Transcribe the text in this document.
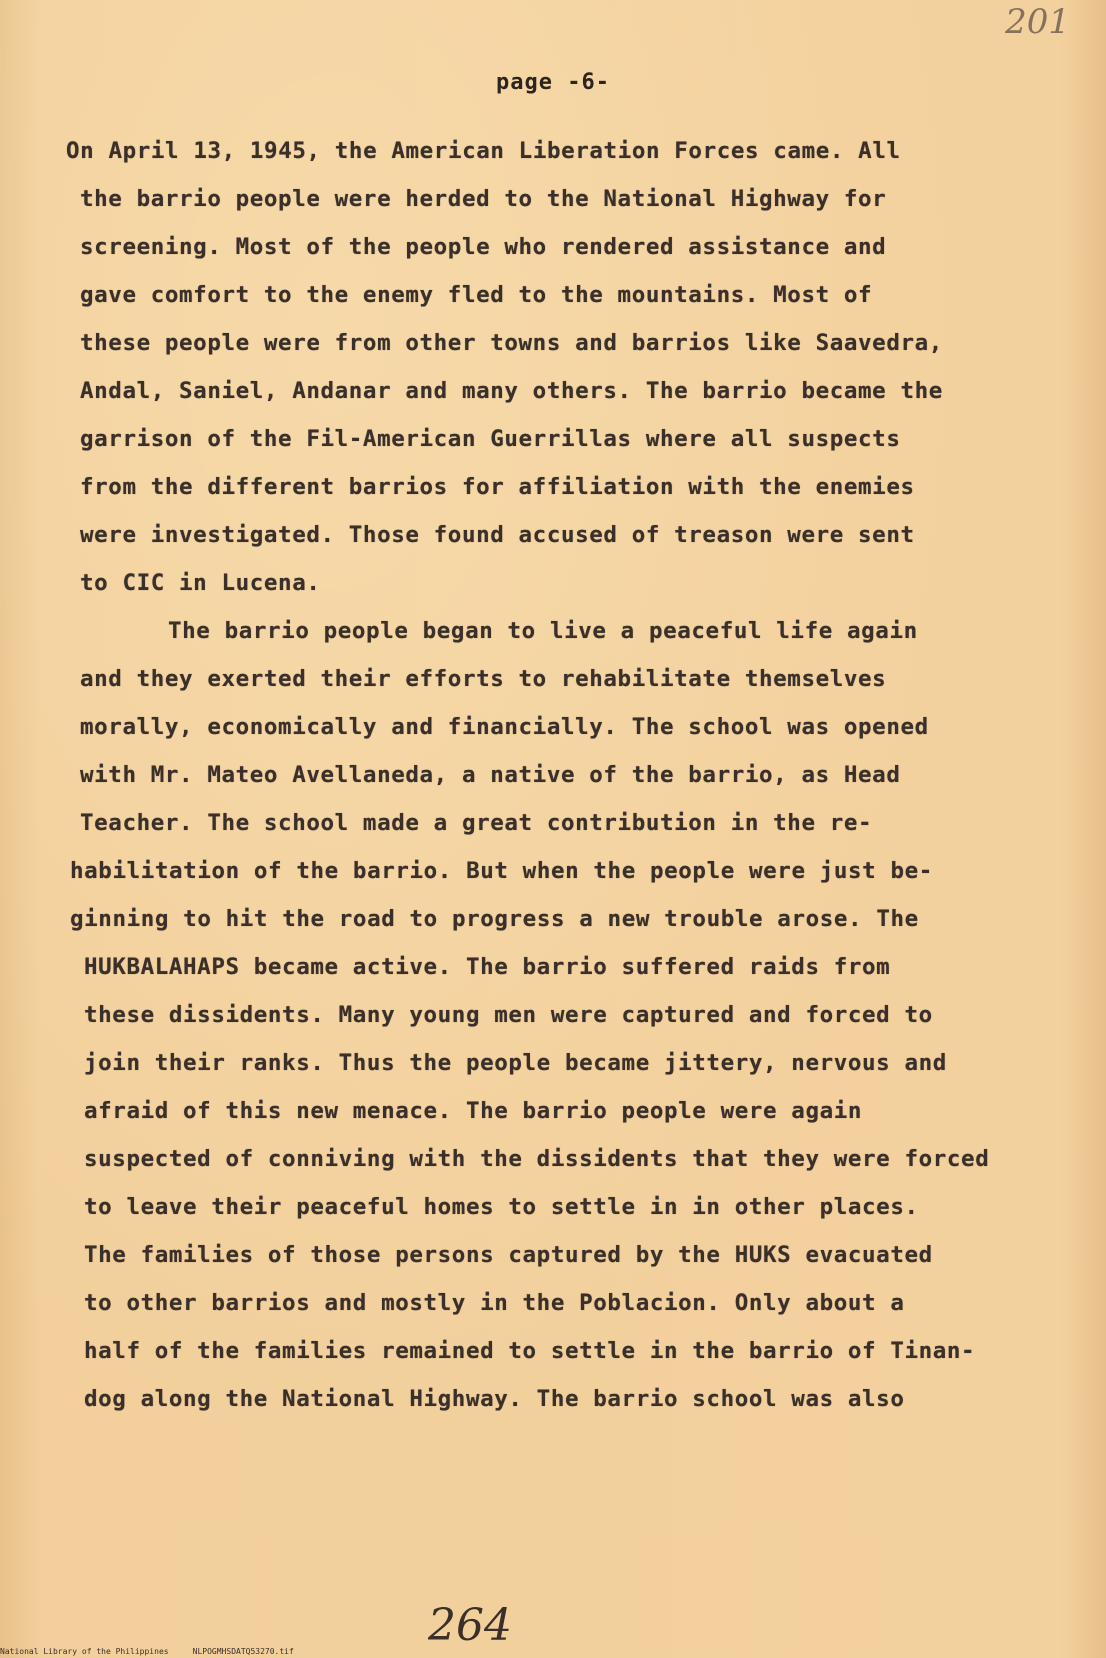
201
page -6-
On April 13, 1945, the American Liberation Forces came. All
the barrio people were herded to the National Highway for
screening. Most of the people who rendered assistance and
gave comfort to the enemy fled to the mountains. Most of
these people were from other towns and barrios like Saavedra,
Andal, Saniel, Andanar and many others. The barrio became the
garrison of the Fil-American Guerrillas where all suspects
from the different barrios for affiliation with the enemies
were investigated. Those found accused of treason were sent
to CIC in Lucena.
The barrio people began to live a peaceful life again
and they exerted their efforts to rehabilitate themselves
morally, economically and financially. The school was opened
with Mr. Mateo Avellaneda, a native of the barrio, as Head
Teacher. The school made a great contribution in the re-
habilitation of the barrio. But when the people were just be-
ginning to hit the road to progress a new trouble arose. The
HUKBALAHAPS became active. The barrio suffered raids from
these dissidents. Many young men were captured and forced to
join their ranks. Thus the people became jittery, nervous and
afraid of this new menace. The barrio people were again
suspected of conniving with the dissidents that they were forced
to leave their peaceful homes to settle in in other places.
The families of those persons captured by the HUKS evacuated
to other barrios and mostly in the Poblacion. Only about a
half of the families remained to settle in the barrio of Tinan-
dog along the National Highway. The barrio school was also
264
National Library of the Philippines     NLPOGMHSDATQ53270.tif
